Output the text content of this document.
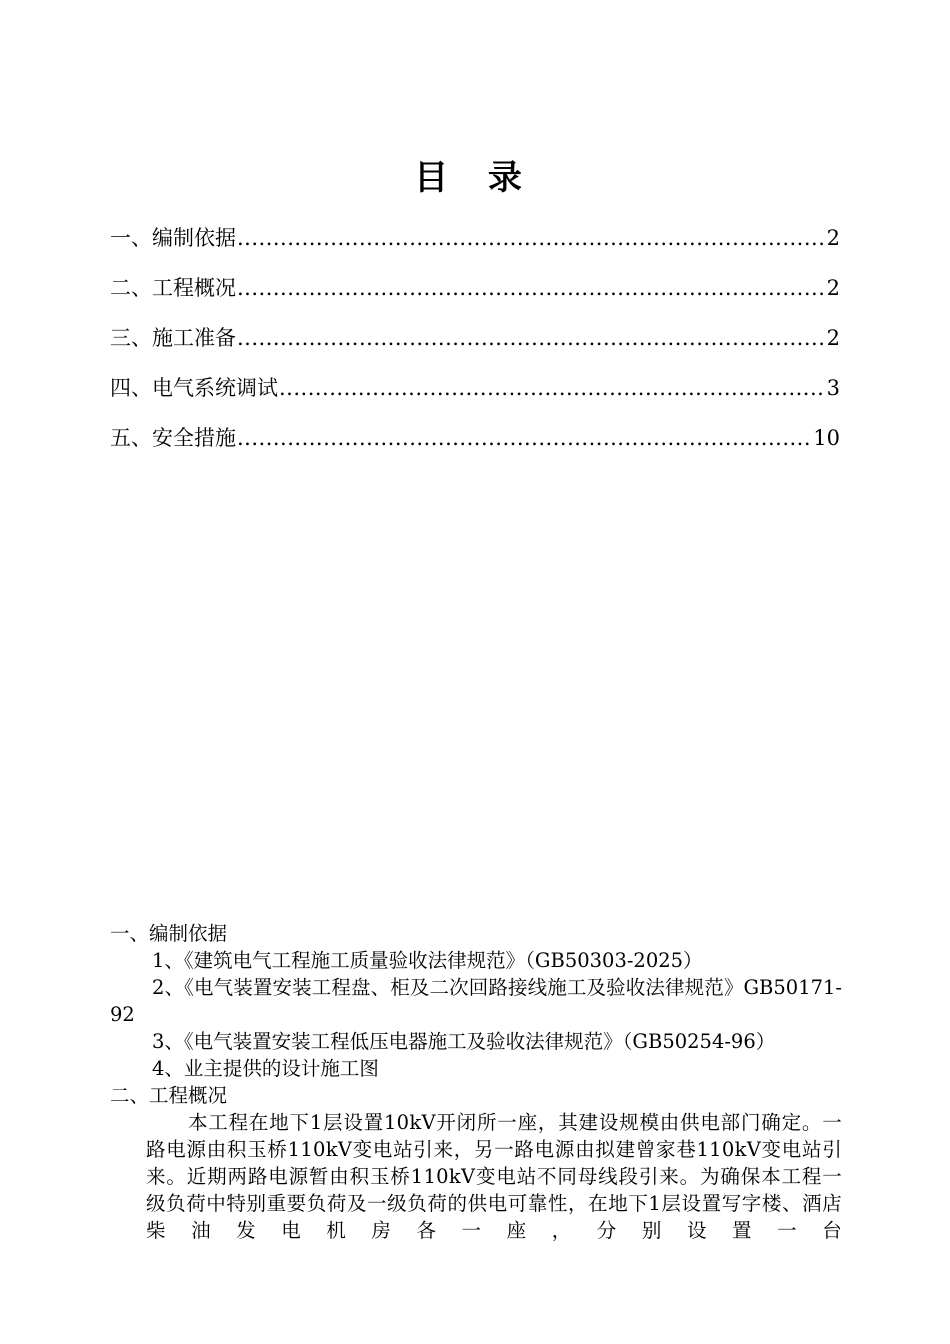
目 录
一、编制依据 .....	2
二、工程概况 .....	2
三、施工准备 .....	2
四、电气系统调试 .....	3
五、安全措施 .....	10

一、编制依据

1、《建筑电气工程施工质量验收法律规范》（GB50303-2025）

2、《电气装置安装工程盘、柜及二次回路接线施工及验收法律规范》GB50171-92

3、《电气装置安装工程低压电器施工及验收法律规范》（GB50254-96）

4、业主提供的设计施工图

二、工程概况

本工程在地下1层设置10kV开闭所一座，其建设规模由供电部门确定。一路电源由积玉桥110kV变电站引来，另一路电源由拟建曾家巷110kV变电站引来。近期两路电源暂由积玉桥110kV变电站不同母线段引来。为确保本工程一级负荷中特别重要负荷及一级负荷的供电可靠性，在地下1层设置写字楼、酒店柴油发电机房各一座，分别设置一台
